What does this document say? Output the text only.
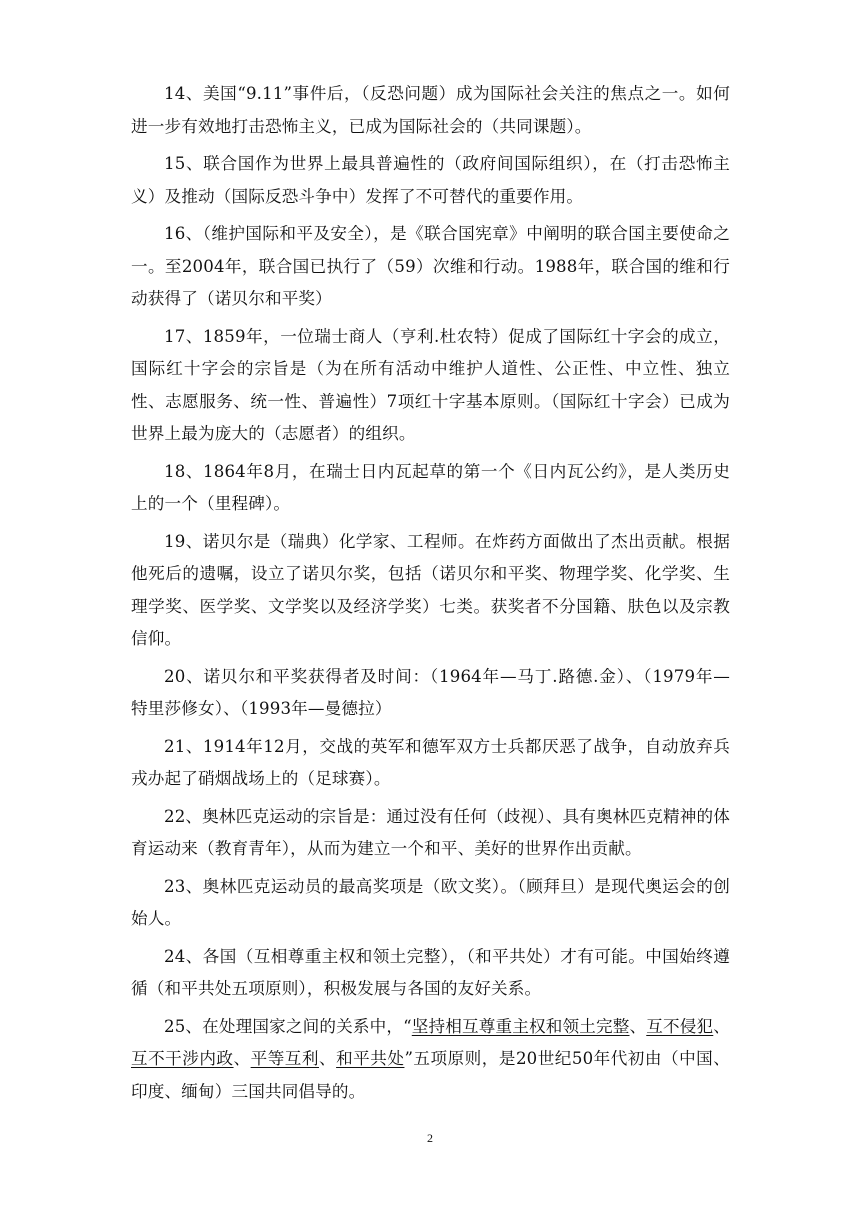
14、美国“9.11”事件后，（反恐问题）成为国际社会关注的焦点之一。如何进一步有效地打击恐怖主义，已成为国际社会的（共同课题）。

15、联合国作为世界上最具普遍性的（政府间国际组织），在（打击恐怖主义）及推动（国际反恐斗争中）发挥了不可替代的重要作用。

16、（维护国际和平及安全），是《联合国宪章》中阐明的联合国主要使命之一。至2004年，联合国已执行了（59）次维和行动。1988年，联合国的维和行动获得了（诺贝尔和平奖）

17、1859年，一位瑞士商人（亨利.杜农特）促成了国际红十字会的成立，国际红十字会的宗旨是（为在所有活动中维护人道性、公正性、中立性、独立性、志愿服务、统一性、普遍性）7项红十字基本原则。（国际红十字会）已成为世界上最为庞大的（志愿者）的组织。

18、1864年8月，在瑞士日内瓦起草的第一个《日内瓦公约》，是人类历史上的一个（里程碑）。

19、诺贝尔是（瑞典）化学家、工程师。在炸药方面做出了杰出贡献。根据他死后的遗嘱，设立了诺贝尔奖，包括（诺贝尔和平奖、物理学奖、化学奖、生理学奖、医学奖、文学奖以及经济学奖）七类。获奖者不分国籍、肤色以及宗教信仰。

20、诺贝尔和平奖获得者及时间：（1964年—马丁.路德.金）、（1979年— 特里莎修女）、（1993年—曼德拉）

21、1914年12月，交战的英军和德军双方士兵都厌恶了战争，自动放弃兵戎办起了硝烟战场上的（足球赛）。

22、奥林匹克运动的宗旨是：通过没有任何（歧视）、具有奥林匹克精神的体育运动来（教育青年），从而为建立一个和平、美好的世界作出贡献。

23、奥林匹克运动员的最高奖项是（欧文奖）。（顾拜旦）是现代奥运会的创始人。

24、各国（互相尊重主权和领土完整），（和平共处）才有可能。中国始终遵循（和平共处五项原则），积极发展与各国的友好关系。

25、在处理国家之间的关系中，“坚持相互尊重主权和领土完整、互不侵犯、互不干涉内政、平等互利、和平共处”五项原则，是20世纪50年代初由（中国、印度、缅甸）三国共同倡导的。

2
